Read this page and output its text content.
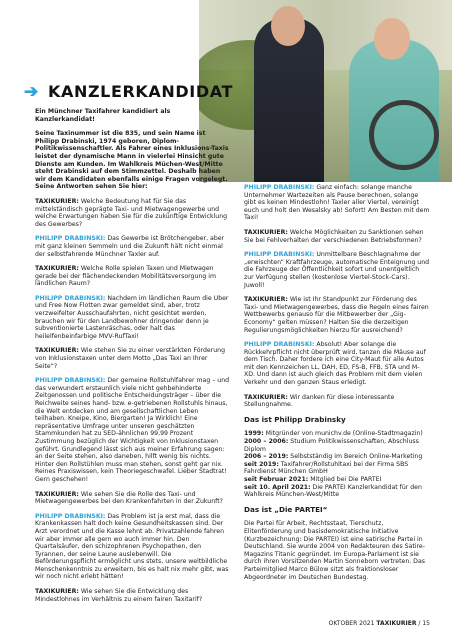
➔ KANZLERKANDIDAT

Ein Münchner Taxifahrer kandidiert als Kanzlerkandidat!

Seine Taxinummer ist die 835, und sein Name ist Philipp Drabinski, 1974 geboren, Diplom-Politikwissenschaftler. Als Fahrer eines Inklusions-Taxis leistet der dynamische Mann in vielerlei Hinsicht gute Dienste am Kunden. Im Wahlkreis Müchen-West/Mitte steht Drabinski auf dem Stimmzettel. Deshalb haben wir dem Kandidaten ebenfalls einige Fragen vorgelegt. Seine Antworten sehen Sie hier:

TAXIKURIER: Welche Bedeutung hat für Sie das mittelständisch geprägte Taxi- und Mietwagengewerbe und welche Erwartungen haben Sie für die zukünftige Entwicklung des Gewerbes?

PHILIPP DRABINSKI: Das Gewerbe ist Brötchengeber, aber mit ganz kleinen Semmeln und die Zukunft hält nicht einmal der selbstfahrende Münchner Taxler auf.

TAXIKURIER: Welche Rolle spielen Taxen und Mietwagen gerade bei der flächendeckenden Mobilitätsversorgung im ländlichen Raum?

PHILIPP DRABINSKI: Nachdem im ländlichen Raum die Uber und Free Now Flotten zwar gemeldet sind, aber, trotz verzweifelter Ausschaufahrten, nicht gesichtet werden, brauchen wir für den Landbewohner dringender denn je subventionierte Lastenräschas, oder halt das heilelfenbeinfarbige MVV-RufTaxi!

TAXIKURIER: Wie stehen Sie zu einer verstärkten Förderung von Inklusionstaxen unter dem Motto „Das Taxi an Ihrer Seite“?

PHILIPP DRABINSKI: Der gemeine Rollstuhlfahrer mag – und das verwundert erstaunlich viele nicht gehbehinderte Zeitgenossen und politische Entscheidungsträger – über die Reichweite seines hand- bzw. e-getriebenen Rollstuhls hinaus, die Welt entdecken und am gesellschaftlichen Leben teilhaben. Kneipe, Kino, Biergarten! Ja Wirklich! Eine repräsentative Umfrage unter unseren geschätzten Stammkunden hat zu SED-ähnlichen 99,99 Prozent Zustimmung bezüglich der Wichtigkeit von Inklusionstaxen geführt. Grundlegend lässt sich aus meiner Erfahrung sagen: an der Seite stehen, also daneben, hilft wenig bis nichts. Hinter den Rollstühlen muss man stehen, sonst geht gar nix. Reines Praxiswissen, kein Theoriegeschwafel. Lieber Stadtrat! Gern geschehen!

TAXIKURIER: Wie sehen Sie die Rolle des Taxi- und Mietwagengewerbes bei den Krankenfahrten in der Zukunft?

PHILIPP DRABINSKI: Das Problem ist ja erst mal, dass die Krankenkassen halt doch keine Gesundheitskassen sind. Der Arzt verordnet und die Kasse lehnt ab. Privatzahlende fahren wir aber immer alle gern wo auch immer hin. Den Quartalsäufer, den schizophrenen Psychopathen, den Tyrannen, der seine Laune auslebenwill. Die Beförderungspflicht ermöglicht uns stets, unsere weltbildliche Menschenkenntnis zu erweitern, bis es halt nix mehr gibt, was wir noch nicht erlebt hätten!

TAXIKURIER: Wie sehen Sie die Entwicklung des Mindestlohnes im Verhältnis zu einem fairen Taxitarif?

PHILIPP DRABINSKI: Ganz einfach: solange manche Unternehmer Wartezeiten als Pause berechnen, solange gibt es keinen Mindestlohn! Taxler aller Viertel, vereinigt euch und holt den Wesalsky ab! Sofort! Am Besten mit dem Taxi!

TAXIKURIER: Welche Möglichkeiten zu Sanktionen sehen Sie bei Fehlverhalten der verschiedenen Betriebsformen?

PHILIPP DRABINSKI: Unmittelbare Beschlagnahme der „erwischten“ Kraftfahrzeuge, automatische Enteignung und die Fahrzeuge der Öffentlichkeit sofort und unentgeltlich zur Verfügung stellen (kostenlose Viertel-Stock-Cars). Juwoll!

TAXIKURIER: Wie ist Ihr Standpunkt zur Förderung des Taxi- und Mietwagengewerbes, dass die Regeln eines fairen Wettbewerbs genauso für die Mitbewerber der „Gig-Economy“ gelten müssen? Halten Sie die derzeitigen Regulierungsmöglichkeiten hierzu für ausreichend?

PHILIPP DRABINSKI: Absolut! Aber solange die Rückkehrpflicht nicht überprüft wird, tanzen die Mäuse auf dem Tisch. Daher fordere ich eine City-Maut für alle Autos mit den Kennzeichen LL, DAH, ED, FS-B, FFB, STA und M-XD. Und dann ist auch gleich das Problem mit dem vielen Verkehr und den ganzen Staus erledigt.

TAXIKURIER: Wir danken für diese interessante Stellungnahme.

Das ist Philipp Drabinsky

1999: Mitgründer von munichv.de (Online-Stadtmagazin)
2000 – 2006: Studium Politikwissenschaften, Abschluss Diplom
2006 – 2019: Selbstständig im Bereich Online-Marketing
seit 2019: Taxifahrer/Rollstuhltaxi bei der Firma SBS Fahrdienst München GmbH
seit Februar 2021: Mitglied bei Die PARTEI
seit 10. April 2021: Die PARTEI Kanzlerkandidat für den Wahlkreis München-West/Mitte

Das ist „Die PARTEI“

Die Partei für Arbeit, Rechtsstaat, Tierschutz, Elitenförderung und basisdemokratische Initiative (Kurzbezeichnung: Die PARTEI) ist eine satirische Partei in Deutschland. Sie wurde 2004 von Redakteuren des Satire-Magazins Titanic gegründet. Im Europa-Parlament ist sie durch ihren Vorsitzenden Martin Sonneborn vertreten. Das Parteimitglied Marco Bülow sitzt als fraktionsloser Abgeordneter im Deutschen Bundestag.

OKTOBER 2021 TAXIKURIER / 15
